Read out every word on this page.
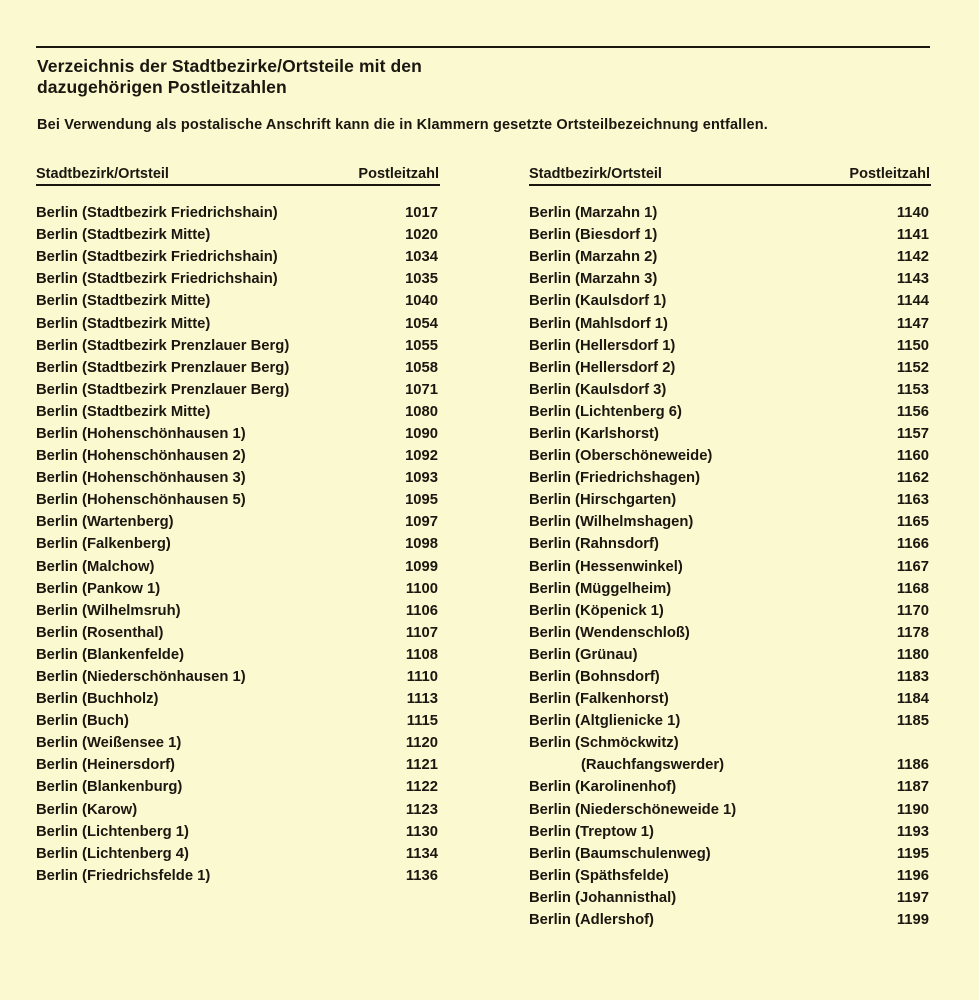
Verzeichnis der Stadtbezirke/Ortsteile mit den
dazugehörigen Postleitzahlen
Bei Verwendung als postalische Anschrift kann die in Klammern gesetzte Ortsteilbezeichnung entfallen.
Stadtbezirk/Ortsteil	Postleitzahl
Berlin (Stadtbezirk Friedrichshain)	1017
Berlin (Stadtbezirk Mitte)	1020
Berlin (Stadtbezirk Friedrichshain)	1034
Berlin (Stadtbezirk Friedrichshain)	1035
Berlin (Stadtbezirk Mitte)	1040
Berlin (Stadtbezirk Mitte)	1054
Berlin (Stadtbezirk Prenzlauer Berg)	1055
Berlin (Stadtbezirk Prenzlauer Berg)	1058
Berlin (Stadtbezirk Prenzlauer Berg)	1071
Berlin (Stadtbezirk Mitte)	1080
Berlin (Hohenschönhausen 1)	1090
Berlin (Hohenschönhausen 2)	1092
Berlin (Hohenschönhausen 3)	1093
Berlin (Hohenschönhausen 5)	1095
Berlin (Wartenberg)	1097
Berlin (Falkenberg)	1098
Berlin (Malchow)	1099
Berlin (Pankow 1)	1100
Berlin (Wilhelmsruh)	1106
Berlin (Rosenthal)	1107
Berlin (Blankenfelde)	1108
Berlin (Niederschönhausen 1)	1110
Berlin (Buchholz)	1113
Berlin (Buch)	1115
Berlin (Weißensee 1)	1120
Berlin (Heinersdorf)	1121
Berlin (Blankenburg)	1122
Berlin (Karow)	1123
Berlin (Lichtenberg 1)	1130
Berlin (Lichtenberg 4)	1134
Berlin (Friedrichsfelde 1)	1136
Stadtbezirk/Ortsteil	Postleitzahl
Berlin (Marzahn 1)	1140
Berlin (Biesdorf 1)	1141
Berlin (Marzahn 2)	1142
Berlin (Marzahn 3)	1143
Berlin (Kaulsdorf 1)	1144
Berlin (Mahlsdorf 1)	1147
Berlin (Hellersdorf 1)	1150
Berlin (Hellersdorf 2)	1152
Berlin (Kaulsdorf 3)	1153
Berlin (Lichtenberg 6)	1156
Berlin (Karlshorst)	1157
Berlin (Oberschöneweide)	1160
Berlin (Friedrichshagen)	1162
Berlin (Hirschgarten)	1163
Berlin (Wilhelmshagen)	1165
Berlin (Rahnsdorf)	1166
Berlin (Hessenwinkel)	1167
Berlin (Müggelheim)	1168
Berlin (Köpenick 1)	1170
Berlin (Wendenschloß)	1178
Berlin (Grünau)	1180
Berlin (Bohnsdorf)	1183
Berlin (Falkenhorst)	1184
Berlin (Altglienicke 1)	1185
Berlin (Schmöckwitz)
(Rauchfangswerder)	1186
Berlin (Karolinenhof)	1187
Berlin (Niederschöneweide 1)	1190
Berlin (Treptow 1)	1193
Berlin (Baumschulenweg)	1195
Berlin (Späthsfelde)	1196
Berlin (Johannisthal)	1197
Berlin (Adlershof)	1199
